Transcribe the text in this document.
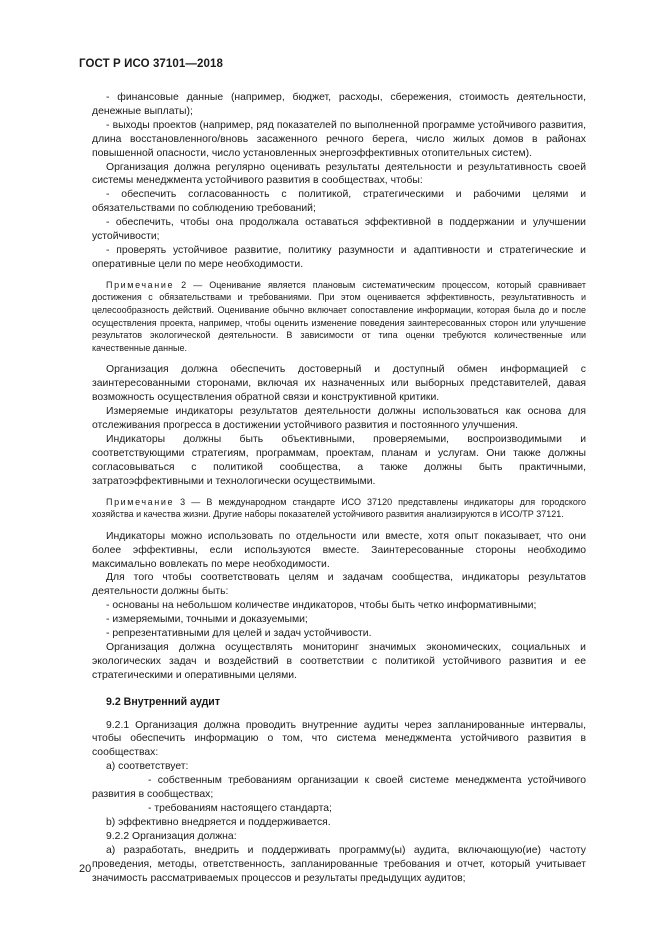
ГОСТ Р ИСО 37101—2018

- финансовые данные (например, бюджет, расходы, сбережения, стоимость деятельности, денежные выплаты);

- выходы проектов (например, ряд показателей по выполненной программе устойчивого развития, длина восстановленного/вновь засаженного речного берега, число жилых домов в районах повышенной опасности, число установленных энергоэффективных отопительных систем).

Организация должна регулярно оценивать результаты деятельности и результативность своей системы менеджмента устойчивого развития в сообществах, чтобы:

- обеспечить согласованность с политикой, стратегическими и рабочими целями и обязательствами по соблюдению требований;

- обеспечить, чтобы она продолжала оставаться эффективной в поддержании и улучшении устойчивости;

- проверять устойчивое развитие, политику разумности и адаптивности и стратегические и оперативные цели по мере необходимости.

Примечание 2 — Оценивание является плановым систематическим процессом, который сравнивает достижения с обязательствами и требованиями. При этом оценивается эффективность, результативность и целесообразность действий. Оценивание обычно включает сопоставление информации, которая была до и после осуществления проекта, например, чтобы оценить изменение поведения заинтересованных сторон или улучшение результатов экологической деятельности. В зависимости от типа оценки требуются количественные или качественные данные.

Организация должна обеспечить достоверный и доступный обмен информацией с заинтересованными сторонами, включая их назначенных или выборных представителей, давая возможность осуществления обратной связи и конструктивной критики.

Измеряемые индикаторы результатов деятельности должны использоваться как основа для отслеживания прогресса в достижении устойчивого развития и постоянного улучшения.

Индикаторы должны быть объективными, проверяемыми, воспроизводимыми и соответствующими стратегиям, программам, проектам, планам и услугам. Они также должны согласовываться с политикой сообщества, а также должны быть практичными, затратоэффективными и технологически осуществимыми.

Примечание 3 — В международном стандарте ИСО 37120 представлены индикаторы для городского хозяйства и качества жизни. Другие наборы показателей устойчивого развития анализируются в ИСО/ТР 37121.

Индикаторы можно использовать по отдельности или вместе, хотя опыт показывает, что они более эффективны, если используются вместе. Заинтересованные стороны необходимо максимально вовлекать по мере необходимости.

Для того чтобы соответствовать целям и задачам сообщества, индикаторы результатов деятельности должны быть:

- основаны на небольшом количестве индикаторов, чтобы быть четко информативными;

- измеряемыми, точными и доказуемыми;

- репрезентативными для целей и задач устойчивости.

Организация должна осуществлять мониторинг значимых экономических, социальных и экологических задач и воздействий в соответствии с политикой устойчивого развития и ее стратегическими и оперативными целями.

9.2 Внутренний аудит

9.2.1 Организация должна проводить внутренние аудиты через запланированные интервалы, чтобы обеспечить информацию о том, что система менеджмента устойчивого развития в сообществах:

a) соответствует:

- собственным требованиям организации к своей системе менеджмента устойчивого развития в сообществах;

- требованиям настоящего стандарта;

b) эффективно внедряется и поддерживается.

9.2.2 Организация должна:

a) разработать, внедрить и поддерживать программу(ы) аудита, включающую(ие) частоту проведения, методы, ответственность, запланированные требования и отчет, который учитывает значимость рассматриваемых процессов и результаты предыдущих аудитов;

20
